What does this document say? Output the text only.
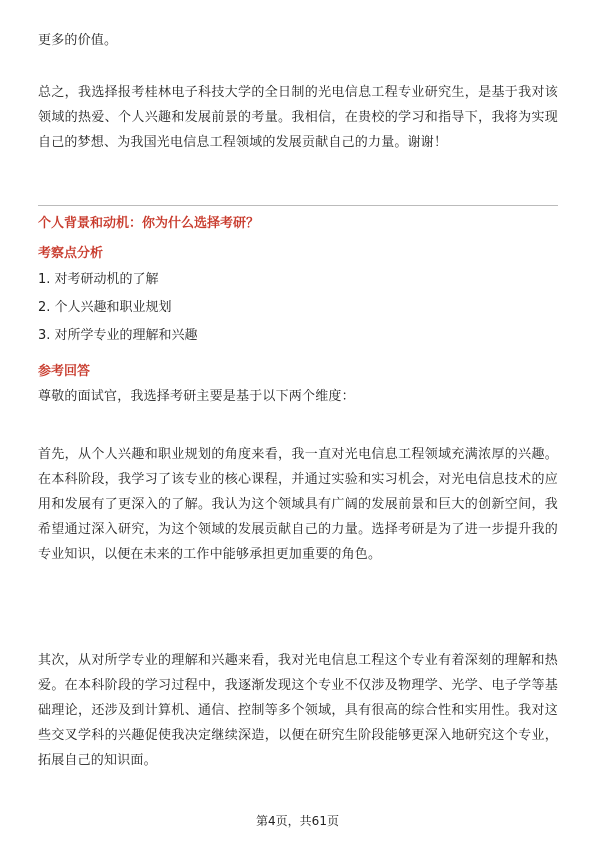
更多的价值。

总之，我选择报考桂林电子科技大学的全日制的光电信息工程专业研究生，是基于我对该领域的热爱、个人兴趣和发展前景的考量。我相信，在贵校的学习和指导下，我将为实现自己的梦想、为我国光电信息工程领域的发展贡献自己的力量。谢谢！

个人背景和动机：你为什么选择考研？

考察点分析

1. 对考研动机的了解

2. 个人兴趣和职业规划

3. 对所学专业的理解和兴趣

参考回答

尊敬的面试官，我选择考研主要是基于以下两个维度：

首先，从个人兴趣和职业规划的角度来看，我一直对光电信息工程领域充满浓厚的兴趣。在本科阶段，我学习了该专业的核心课程，并通过实验和实习机会，对光电信息技术的应用和发展有了更深入的了解。我认为这个领域具有广阔的发展前景和巨大的创新空间，我希望通过深入研究，为这个领域的发展贡献自己的力量。选择考研是为了进一步提升我的专业知识，以便在未来的工作中能够承担更加重要的角色。

其次，从对所学专业的理解和兴趣来看，我对光电信息工程这个专业有着深刻的理解和热爱。在本科阶段的学习过程中，我逐渐发现这个专业不仅涉及物理学、光学、电子学等基础理论，还涉及到计算机、通信、控制等多个领域，具有很高的综合性和实用性。我对这些交叉学科的兴趣促使我决定继续深造，以便在研究生阶段能够更深入地研究这个专业，拓展自己的知识面。

第4页，共61页
